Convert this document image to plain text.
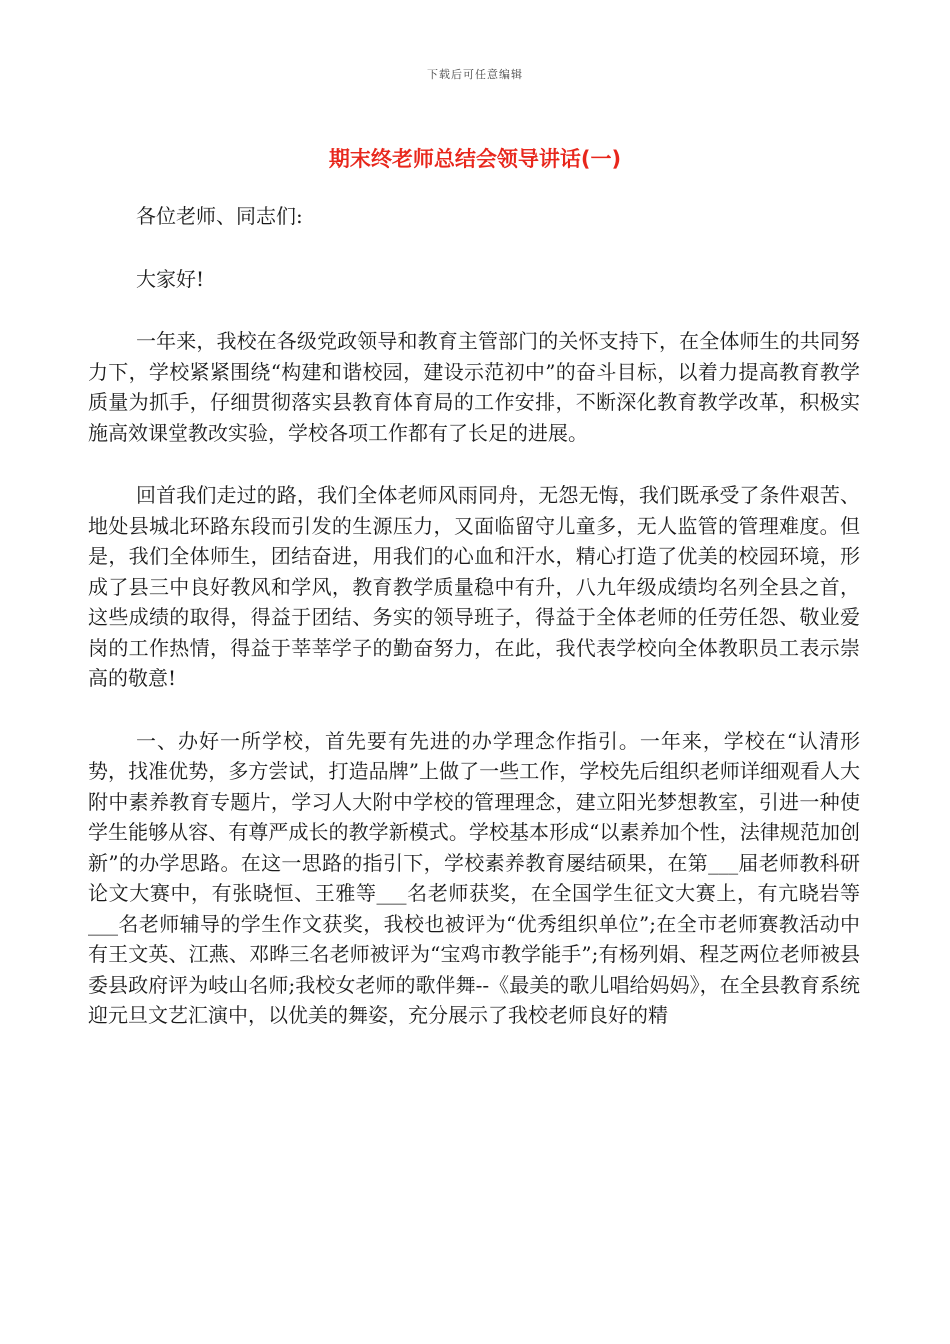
下载后可任意编辑
期末终老师总结会领导讲话(一)

各位老师、同志们:

大家好!

一年来，我校在各级党政领导和教育主管部门的关怀支持下，在全体师生的共同努力下，学校紧紧围绕“构建和谐校园，建设示范初中”的奋斗目标，以着力提高教育教学质量为抓手，仔细贯彻落实县教育体育局的工作安排，不断深化教育教学改革，积极实施高效课堂教改实验，学校各项工作都有了长足的进展。

回首我们走过的路，我们全体老师风雨同舟，无怨无悔，我们既承受了条件艰苦、地处县城北环路东段而引发的生源压力，又面临留守儿童多，无人监管的管理难度。但是，我们全体师生，团结奋进，用我们的心血和汗水，精心打造了优美的校园环境，形成了县三中良好教风和学风，教育教学质量稳中有升，八九年级成绩均名列全县之首，这些成绩的取得，得益于团结、务实的领导班子，得益于全体老师的任劳任怨、敬业爱岗的工作热情，得益于莘莘学子的勤奋努力，在此，我代表学校向全体教职员工表示崇高的敬意!

一、办好一所学校，首先要有先进的办学理念作指引。一年来，学校在“认清形势，找准优势，多方尝试，打造品牌”上做了一些工作，学校先后组织老师详细观看人大附中素养教育专题片，学习人大附中学校的管理理念，建立阳光梦想教室，引进一种使学生能够从容、有尊严成长的教学新模式。学校基本形成“以素养加个性，法律规范加创新”的办学思路。在这一思路的指引下，学校素养教育屡结硕果，在第___届老师教科研论文大赛中，有张晓恒、王雅等___名老师获奖，在全国学生征文大赛上，有亢晓岩等___名老师辅导的学生作文获奖，我校也被评为“优秀组织单位”;在全市老师赛教活动中有王文英、江燕、邓晔三名老师被评为“宝鸡市教学能手”;有杨列娟、程芝两位老师被县委县政府评为岐山名师;我校女老师的歌伴舞--《最美的歌儿唱给妈妈》，在全县教育系统迎元旦文艺汇演中，以优美的舞姿，充分展示了我校老师良好的精
